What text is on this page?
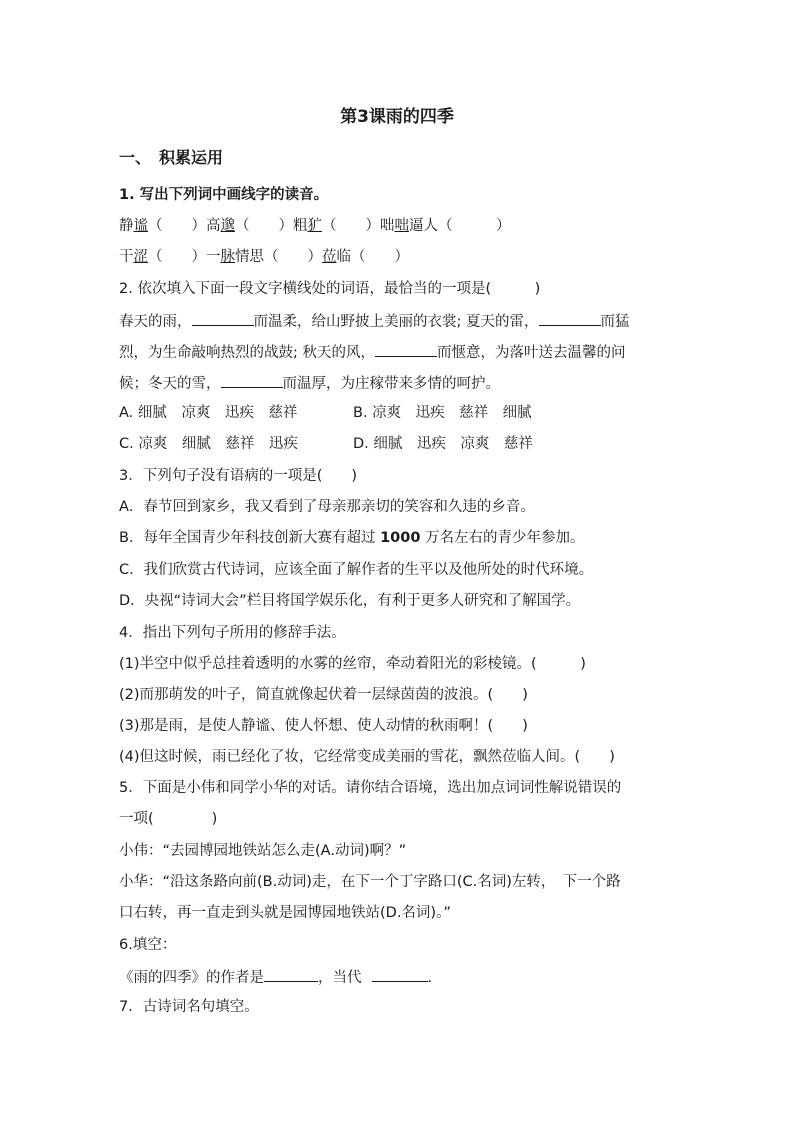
第3课雨的四季
一、　积累运用
1. 写出下列词中画线字的读音。
静谧（　　）高邈（　　）粗犷（　　）咄咄逼人（　　　）
干涩（　　）一脉情思（　　）莅临（　　）
2. 依次填入下面一段文字横线处的词语，最恰当的一项是(　　　)
春天的雨，	而温柔，给山野披上美丽的衣裳; 夏天的雷，	而猛
烈，为生命敲响热烈的战鼓; 秋天的风，	而惬意，为落叶送去温馨的问
候；冬天的雪，	而温厚，为庄稼带来多情的呵护。
A. 细腻　凉爽　迅疾　慈祥	B. 凉爽　迅疾　慈祥　细腻
C. 凉爽　细腻　慈祥　迅疾	D. 细腻　迅疾　凉爽　慈祥
3．下列句子没有语病的一项是(　　)
A．春节回到家乡，我又看到了母亲那亲切的笑容和久违的乡音。
B．每年全国青少年科技创新大赛有超过 1000 万名左右的青少年参加。
C．我们欣赏古代诗词，应该全面了解作者的生平以及他所处的时代环境。
D．央视“诗词大会”栏目将国学娱乐化，有利于更多人研究和了解国学。
4．指出下列句子所用的修辞手法。
(1)半空中似乎总挂着透明的水雾的丝帘，牵动着阳光的彩棱镜。(　　　)
(2)而那萌发的叶子，简直就像起伏着一层绿茵茵的波浪。(　　)
(3)那是雨，是使人静谧、使人怀想、使人动情的秋雨啊！(　　)
(4)但这时候，雨已经化了妆，它经常变成美丽的雪花，飘然莅临人间。(　　)
5．下面是小伟和同学小华的对话。请你结合语境，选出加点词词性解说错误的
一项(　　　　)
小伟：“去园博园地铁站怎么走(A.动词)啊？”
小华：“沿这条路向前(B.动词)走，在下一个丁字路口(C.名词)左转，　下一个路
口右转，再一直走到头就是园博园地铁站(D.名词)。”
6.填空：
《雨的四季》的作者是	，当代	.
7．古诗词名句填空。
